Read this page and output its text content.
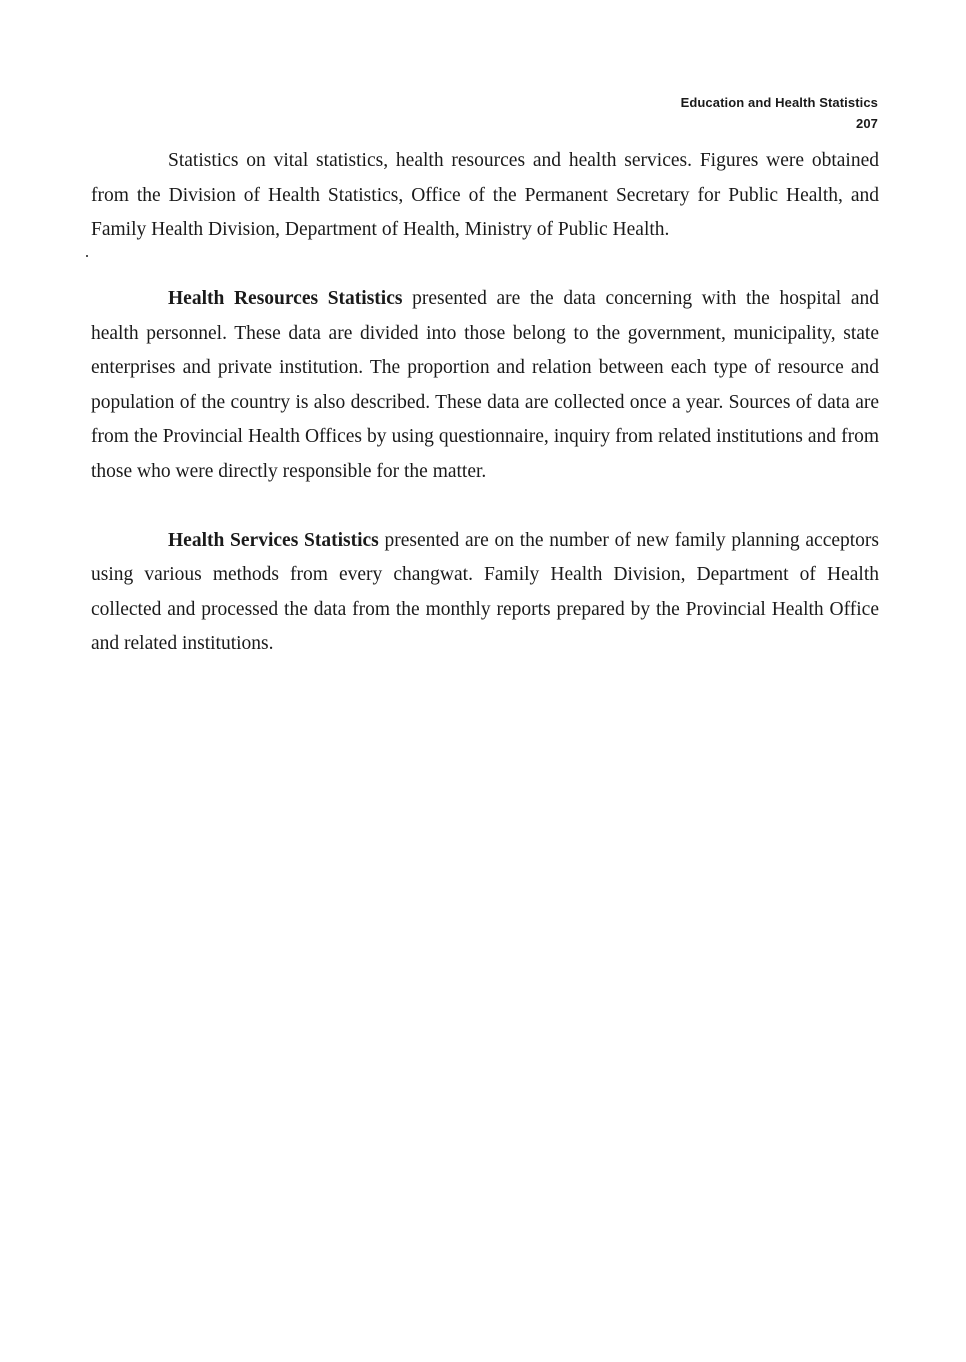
Education and Health Statistics
207

Statistics on vital statistics, health resources and health services. Figures were obtained from the Division of Health Statistics, Office of the Permanent Secretary for Public Health, and Family Health Division, Department of Health, Ministry of Public Health.

Health Resources Statistics presented are the data concerning with the hospital and health personnel. These data are divided into those belong to the government, municipality, state enterprises and private institution. The proportion and relation between each type of resource and population of the country is also described. These data are collected once a year. Sources of data are from the Provincial Health Offices by using questionnaire, inquiry from related institutions and from those who were directly responsible for the matter.

Health Services Statistics presented are on the number of new family planning acceptors using various methods from every changwat. Family Health Division, Department of Health collected and processed the data from the monthly reports prepared by the Provincial Health Office and related institutions.
